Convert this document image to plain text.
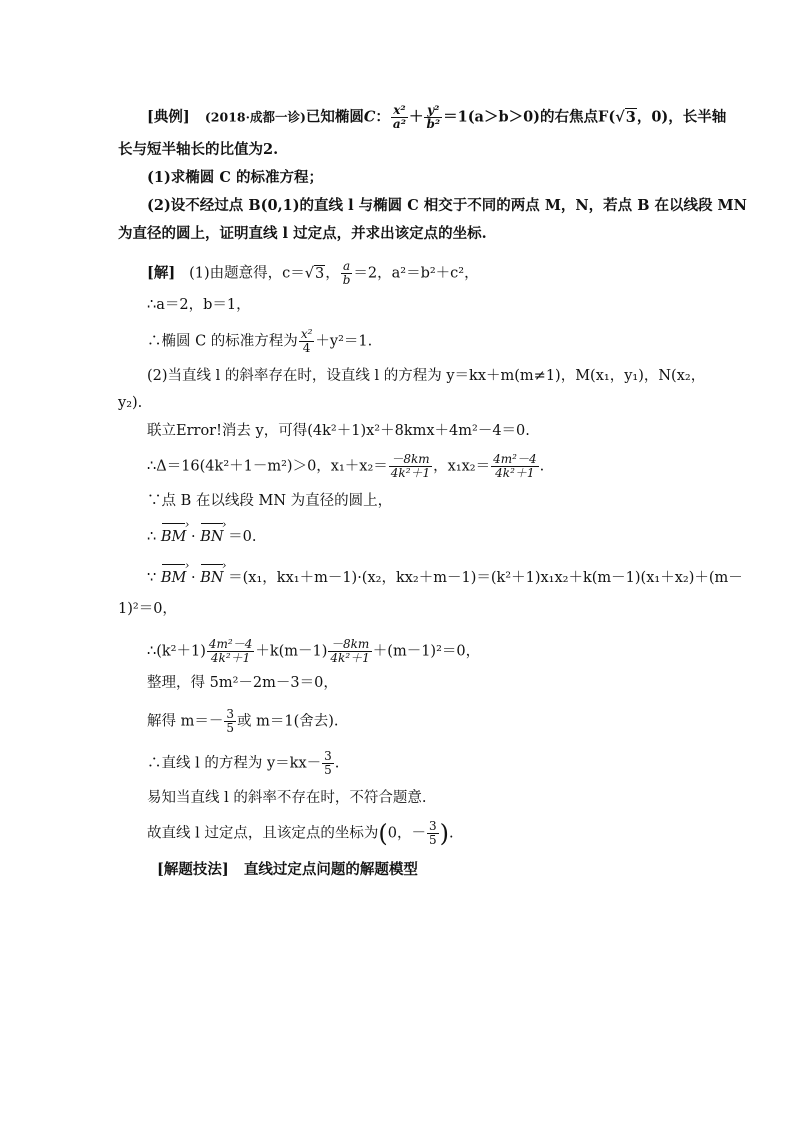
[典例] (2018·成都一诊)已知椭圆C： $\frac{\text{x²}}{\text{a²}} + \frac{\text{y²}}{\text{b²}} =1(a>b>0)$的右焦点F(√3，0)，长半轴
长与短半轴长的比值为2.
(1)求椭圆 C 的标准方程；
(2)设不经过点 B(0,1)的直线 l 与椭圆 C 相交于不同的两点 M，N，若点 B 在以线段 MN
为直径的圆上，证明直线 l 过定点，并求出该定点的坐标.
[解] (1)由题意得，c＝√3， $\frac{a}{b} =2$，a²＝b²＋c²，
∴a＝2，b＝1，
∴椭圆 C 的标准方程为 $\frac{\text{x²}}{4} +y^2=1$.
(2)当直线 l 的斜率存在时，设直线 l 的方程为 y＝kx＋m(m≠1)，M(x₁，y₁)，N(x₂，
y₂).
联立Error!消去 y，可得(4k²＋1)x²＋8kmx＋4m²－4＝0.
∴Δ＝16(4k²＋1－m²)＞0，$x_1+x_2= \frac{-8km}{\text{4k²＋1}}$ ，$x_1x_2= \frac{\text{4m²－4}}{\text{4k²＋1}}$ .
∵点 B 在以线段 MN 为直径的圆上，
∴ BM › · BN › ＝0.
∵ BM › · BN › ＝(x₁，kx₁＋m－1)·(x₂，kx₂＋m－1)＝(k²＋1)x₁x₂＋k(m－1)(x₁＋x₂)＋(m－
1)²＝0，
∴(k²＋1) $\frac{\text{4m²－4}}{\text{4k²＋1}} +k(m-1) \frac{-8km}{\text{4k²＋1}} +(m-1)^2=0$，
整理，得 5m²－2m－3＝0，
解得 $m=- \frac{3}{5}$ 或 m＝1(舍去).
∴直线 l 的方程为 $y=kx- \frac{3}{5}$ .
易知当直线 l 的斜率不存在时，不符合题意.
故直线 l 过定点，且该定点的坐标为(0，－ $\frac{3}{5}$ ).
[解题技法] 直线过定点问题的解题模型
